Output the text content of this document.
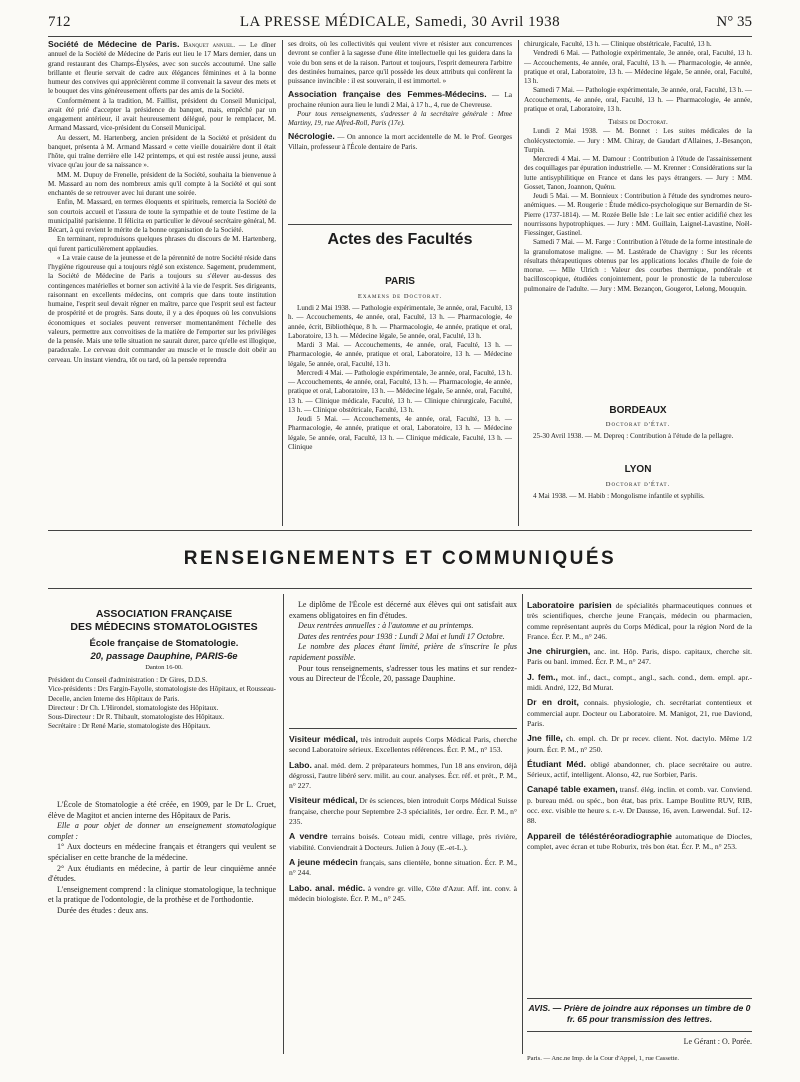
712	LA PRESSE MÉDICALE, Samedi, 30 Avril 1938	N° 35

Société de Médecine de Paris. Banquet annuel. — Le dîner annuel de la Société de Médecine de Paris eut lieu le 17 Mars dernier, dans un grand restaurant des Champs-Élysées, avec son succès accoutumé. Une salle brillante et fleurie servait de cadre aux élégances féminines et à la bonne humeur des convives qui apprécièrent comme il convenait la saveur des mets et le bouquet des vins généreusement offerts par des amis de la Société.

Conformément à la tradition, M. Faillist, président du Conseil Municipal, avait été prié d'accepter la présidence du banquet, mais, empêché par un engagement antérieur, il avait heureusement délégué, pour le remplacer, M. Armand Massard, vice-président du Conseil Municipal.

Au dessert, M. Hartenberg, ancien président de la Société et président du banquet, présenta à M. Armand Massard « cette vieille douairière dont il était l'hôte, qui traîne derrière elle 142 printemps, et qui est restée aussi jeune, aussi vivace qu'au jour de sa naissance ».

MM. M. Dupuy de Frenelle, président de la Société, souhaita la bienvenue à M. Massard au nom des nombreux amis qu'il compte à la Société et qui sont enchantés de se retrouver avec lui durant une soirée.

Enfin, M. Massard, en termes éloquents et spirituels, remercia la Société de son courtois accueil et l'assura de toute la sympathie et de toute l'estime de la municipalité parisienne. Il félicita en particulier le dévoué secrétaire général, M. Bécart, à qui revient le mérite de la bonne organisation de la Société.

En terminant, reproduisons quelques phrases du discours de M. Hartenberg, qui furent particulièrement applaudies.

« La vraie cause de la jeunesse et de la pérennité de notre Société réside dans l'hygiène rigoureuse qui a toujours réglé son existence. Sagement, prudemment, la Société de Médecine de Paris a toujours su s'élever au-dessus des contingences matérielles et borner son activité à la vie de l'esprit. Ses dirigeants, raisonnant en excellents médecins, ont compris que dans toute institution humaine, l'esprit seul devait régner en maître, parce que l'esprit seul est facteur de prospérité et de progrès. Sans doute, il y a des époques où les convulsions économiques et sociales peuvent renverser momentanément l'échelle des valeurs, permettre aux convoitises de la matière de l'emporter sur les privilèges de la pensée. Mais une telle situation ne saurait durer, parce qu'elle est illogique, paradoxale. Le cerveau doit commander au muscle et le muscle doit obéir au cerveau. Un instant viendra, tôt ou tard, où la pensée reprendra

ses droits, où les collectivités qui veulent vivre et résister aux concurrences devront se confier à la sagesse d'une élite intellectuelle qui les guidera dans la voie du bon sens et de la raison. Partout et toujours, l'esprit demeurera l'arbitre des destinées humaines, parce qu'il possède les deux attributs qui confèrent la puissance invincible : il est souverain, il est immortel. »

Association française des Femmes-Médecins. — La prochaine réunion aura lieu le lundi 2 Mai, à 17 h., 4, rue de Chevreuse.

Pour tous renseignements, s'adresser à la secrétaire générale : Mme Martiny, 19, rue Alfred-Roll, Paris (17e).

Nécrologie. — On annonce la mort accidentelle de M. le Prof. Georges Villain, professeur à l'École dentaire de Paris.

Actes des Facultés
PARIS
Examens de Doctorat.

Lundi 2 Mai 1938. — Pathologie expérimentale, 3e année, oral, Faculté, 13 h. — Accouchements, 4e année, oral, Faculté, 13 h. — Pharmacologie, 4e année, écrit, Bibliothèque, 8 h. — Pharmacologie, 4e année, pratique et oral, Laboratoire, 13 h. — Médecine légale, 5e année, oral, Faculté, 13 h.

Mardi 3 Mai. — Accouchements, 4e année, oral, Faculté, 13 h. — Pharmacologie, 4e année, pratique et oral, Laboratoire, 13 h. — Médecine légale, 5e année, oral, Faculté, 13 h.

Mercredi 4 Mai. — Pathologie expérimentale, 3e année, oral, Faculté, 13 h. — Accouchements, 4e année, oral, Faculté, 13 h. — Pharmacologie, 4e année, pratique et oral, Laboratoire, 13 h. — Médecine légale, 5e année, oral, Faculté, 13 h. — Clinique médicale, Faculté, 13 h. — Clinique chirurgicale, Faculté, 13 h. — Clinique obstétricale, Faculté, 13 h.

Jeudi 5 Mai. — Accouchements, 4e année, oral, Faculté, 13 h. — Pharmacologie, 4e année, pratique et oral, Laboratoire, 13 h. — Médecine légale, 5e année, oral, Faculté, 13 h. — Clinique médicale, Faculté, 13 h. — Clinique

chirurgicale, Faculté, 13 h. — Clinique obstétricale, Faculté, 13 h.

Vendredi 6 Mai. — Pathologie expérimentale, 3e année, oral, Faculté, 13 h. — Accouchements, 4e année, oral, Faculté, 13 h. — Pharmacologie, 4e année, pratique et oral, Laboratoire, 13 h. — Médecine légale, 5e année, oral, Faculté, 13 h.

Samedi 7 Mai. — Pathologie expérimentale, 3e année, oral, Faculté, 13 h. — Accouchements, 4e année, oral, Faculté, 13 h. — Pharmacologie, 4e année, pratique et oral, Laboratoire, 13 h.

Thèses de Doctorat.

Lundi 2 Mai 1938. — M. Bonnet : Les suites médicales de la cholécystectomie. — Jury : MM. Chiray, de Gaudart d'Allaines, J.-Besançon, Turpin.

Mercredi 4 Mai. — M. Damour : Contribution à l'étude de l'assainissement des coquillages par épuration industrielle. — M. Krenner : Considérations sur la lutte antisyphilitique en France et dans les pays étrangers. — Jury : MM. Gosset, Tanon, Joannon, Quénu.

Jeudi 5 Mai. — M. Bonnieux : Contribution à l'étude des syndromes neuro-anémiques. — M. Rougerie : Étude médico-psychologique sur Bernardin de St-Pierre (1737-1814). — M. Rozée Belle Isle : Le lait sec entier acidifié chez les nourrissons hypotrophiques. — Jury : MM. Guillain, Laignel-Lavastine, Noël-Fiessinger, Gastinel.

Samedi 7 Mai. — M. Farge : Contribution à l'étude de la forme intestinale de la granulomatose maligne. — M. Lastérade de Chavigny : Sur les récents résultats thérapeutiques obtenus par les applications locales d'huile de foie de morue. — Mlle Ulrich : Valeur des courbes thermique, pondérale et bacilloscopique, étudiées conjointement, pour le pronostic de la tuberculose pulmonaire de l'adulte. — Jury : MM. Bezançon, Gougerot, Lelong, Mouquin.

BORDEAUX
Doctorat d'État.

25-30 Avril 1938. — M. Depreq : Contribution à l'étude de la pellagre.

LYON
Doctorat d'État.

4 Mai 1938. — M. Habib : Mongolisme infantile et syphilis.

RENSEIGNEMENTS ET COMMUNIQUÉS
ASSOCIATION FRANÇAISE
DES MÉDECINS STOMATOLOGISTES
École française de Stomatologie.
20, passage Dauphine, PARIS-6e
Danton 16-00.

Président du Conseil d'administration : Dr Gires, D.D.S.

Vice-présidents : Drs Fargin-Fayolle, stomatologiste des Hôpitaux, et Rousseau-Decelle, ancien Interne des Hôpitaux de Paris.

Directeur : Dr Ch. L'Hirondel, stomatologiste des Hôpitaux.

Sous-Directeur : Dr R. Thibault, stomatologiste des Hôpitaux.

Secrétaire : Dr René Marie, stomatologiste des Hôpitaux.

L'École de Stomatologie a été créée, en 1909, par le Dr L. Cruet, élève de Magitot et ancien interne des Hôpitaux de Paris.

Elle a pour objet de donner un enseignement stomatologique complet :

1° Aux docteurs en médecine français et étrangers qui veulent se spécialiser en cette branche de la médecine.

2° Aux étudiants en médecine, à partir de leur cinquième année d'études.

L'enseignement comprend : la clinique stomatologique, la technique et la pratique de l'odontologie, de la prothèse et de l'orthodontie.

Durée des études : deux ans.

Le diplôme de l'École est décerné aux élèves qui ont satisfait aux examens obligatoires en fin d'études.

Deux rentrées annuelles : à l'automne et au printemps.

Dates des rentrées pour 1938 : Lundi 2 Mai et lundi 17 Octobre.

Le nombre des places étant limité, prière de s'inscrire le plus rapidement possible.

Pour tous renseignements, s'adresser tous les matins et sur rendez-vous au Directeur de l'École, 20, passage Dauphine.

Visiteur médical, très introduit auprès Corps Médical Paris, cherche second Laboratoire sérieux. Excellentes références. Écr. P. M., n° 153.

Labo. anal. méd. dem. 2 préparateurs hommes, l'un 18 ans environ, déjà dégrossi, l'autre libéré serv. milit. au cour. analyses. Écr. réf. et prét., P. M., n° 227.

Visiteur médical, Dr ès sciences, bien introduit Corps Médical Suisse française, cherche pour Septembre 2-3 spécialités, 1er ordre. Écr. P. M., n° 235.

A vendre terrains boisés. Coteau midi, centre village, près rivière, viabilité. Conviendrait à Docteurs. Julien à Jouy (E.-et-L.).

A jeune médecin français, sans clientèle, bonne situation. Écr. P. M., n° 244.

Labo. anal. médic. à vendre gr. ville, Côte d'Azur. Aff. int. conv. à médecin biologiste. Écr. P. M., n° 245.

Laboratoire parisien de spécialités pharmaceutiques connues et très scientifiques, cherche jeune Français, médecin ou pharmacien, comme représentant auprès du Corps Médical, pour la région Nord de la France. Écr. P. M., n° 246.

Jne chirurgien, anc. int. Hôp. Paris, dispo. capitaux, cherche sit. Paris ou banl. immed. Écr. P. M., n° 247.

J. fem., mot. inf., dact., compt., angl., sach. cond., dem. empl. apr.-midi. André, 122, Bd Murat.

Dr en droit, connais. physiologie, ch. secrétariat contentieux et commercial aupr. Docteur ou Laboratoire. M. Manigot, 21, rue Daviond, Paris.

Jne fille, ch. empl. ch. Dr pr recev. client. Not. dactylo. Même 1/2 journ. Écr. P. M., n° 250.

Étudiant Méd. obligé abandonner, ch. place secrétaire ou autre. Sérieux, actif, intelligent. Alonso, 42, rue Sorbier, Paris.

Canapé table examen, transf. élég. inclin. et comb. var. Conviend. p. bureau méd. ou spéc., bon état, bas prix. Lampe Boulitte RUV, RIB, occ. exc. visible tte heure s. r.-v. Dr Dausse, 16, aven. Lœwendal. Suf. 12-88.

Appareil de téléstéréoradiographie automatique de Diocles, complet, avec écran et tube Roburix, très bon état. Écr. P. M., n° 253.

AVIS. — Prière de joindre aux réponses un timbre de 0 fr. 65 pour transmission des lettres.
Le Gérant : O. Porée.
Paris. — Anc.ne Imp. de la Cour d'Appel, 1, rue Cassette.
